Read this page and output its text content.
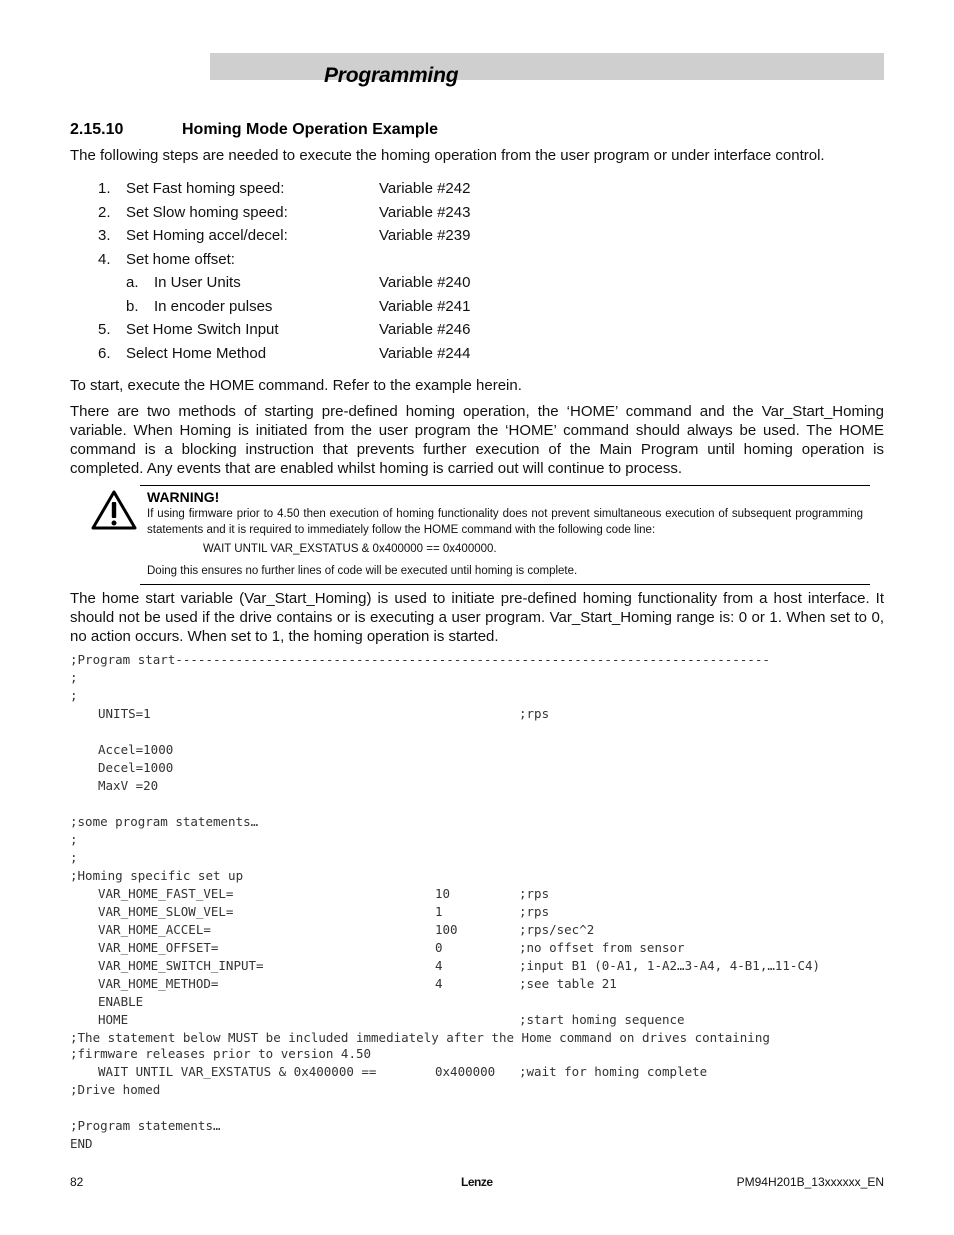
Programming
2.15.10	Homing Mode Operation Example
The following steps are needed to execute the homing operation from the user program or under interface control.
1. Set Fast homing speed:	Variable #242
2. Set Slow homing speed:	Variable #243
3. Set Homing accel/decel:	Variable #239
4. Set home offset:
a. In User Units	Variable #240
b. In encoder pulses	Variable #241
5. Set Home Switch Input	Variable #246
6. Select Home Method	Variable #244
To start, execute the HOME command. Refer to the example herein.
There are two methods of starting pre-defined homing operation, the ‘HOME’ command and the Var_Start_Homing variable. When Homing is initiated from the user program the ‘HOME’ command should always be used. The HOME command is a blocking instruction that prevents further execution of the Main Program until homing operation is completed. Any events that are enabled whilst homing is carried out will continue to process.
WARNING!
If using firmware prior to 4.50 then execution of homing functionality does not prevent simultaneous execution of subsequent programming statements and it is required to immediately follow the HOME command with the following code line:
WAIT UNTIL VAR_EXSTATUS & 0x400000 == 0x400000.
Doing this ensures no further lines of code will be executed until homing is complete.
The home start variable (Var_Start_Homing) is used to initiate pre-defined homing functionality from a host interface. It should not be used if the drive contains or is executing a user program. Var_Start_Homing range is: 0 or 1. When set to 0, no action occurs. When set to 1, the homing operation is started.
;Program start-------------------------------------------------------------------------------
;
;
UNITS=1	;rps
Accel=1000
Decel=1000
MaxV =20
;some program statements…
;
;
;Homing specific set up
VAR_HOME_FAST_VEL=	10	;rps
VAR_HOME_SLOW_VEL=	1	;rps
VAR_HOME_ACCEL=	100	;rps/sec^2
VAR_HOME_OFFSET=	0	;no offset from sensor
VAR_HOME_SWITCH_INPUT=	4	;input B1 (0-A1, 1-A2…3-A4, 4-B1,…11-C4)
VAR_HOME_METHOD=	4	;see table 21
ENABLE
HOME	;start homing sequence
;The statement below MUST be included immediately after the Home command on drives containing
;firmware releases prior to version 4.50
WAIT UNTIL VAR_EXSTATUS & 0x400000 ==	0x400000 ;wait for homing complete
;Drive homed
;Program statements…
END
82	Lenze	PM94H201B_13xxxxxx_EN
